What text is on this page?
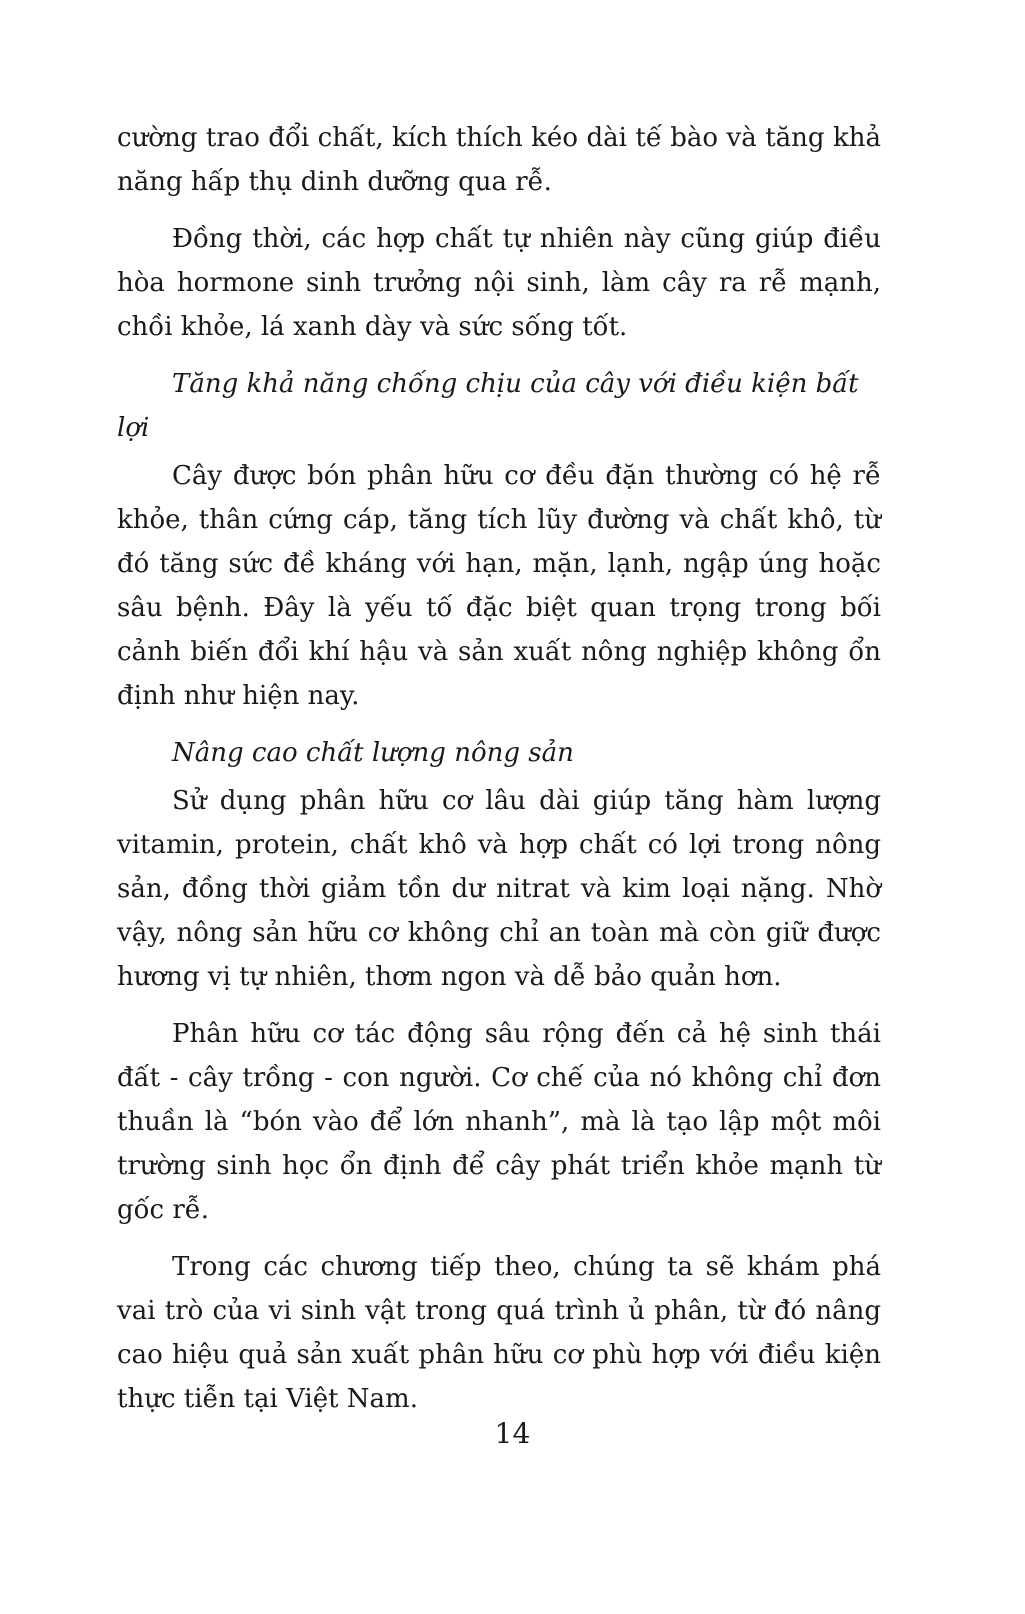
cường trao đổi chất, kích thích kéo dài tế bào và tăng khả năng hấp thụ dinh dưỡng qua rễ.

Đồng thời, các hợp chất tự nhiên này cũng giúp điều hòa hormone sinh trưởng nội sinh, làm cây ra rễ mạnh, chồi khỏe, lá xanh dày và sức sống tốt.

Tăng khả năng chống chịu của cây với điều kiện bất lợi

Cây được bón phân hữu cơ đều đặn thường có hệ rễ khỏe, thân cứng cáp, tăng tích lũy đường và chất khô, từ đó tăng sức đề kháng với hạn, mặn, lạnh, ngập úng hoặc sâu bệnh. Đây là yếu tố đặc biệt quan trọng trong bối cảnh biến đổi khí hậu và sản xuất nông nghiệp không ổn định như hiện nay.

Nâng cao chất lượng nông sản

Sử dụng phân hữu cơ lâu dài giúp tăng hàm lượng vitamin, protein, chất khô và hợp chất có lợi trong nông sản, đồng thời giảm tồn dư nitrat và kim loại nặng. Nhờ vậy, nông sản hữu cơ không chỉ an toàn mà còn giữ được hương vị tự nhiên, thơm ngon và dễ bảo quản hơn.

Phân hữu cơ tác động sâu rộng đến cả hệ sinh thái đất - cây trồng - con người. Cơ chế của nó không chỉ đơn thuần là “bón vào để lớn nhanh”, mà là tạo lập một môi trường sinh học ổn định để cây phát triển khỏe mạnh từ gốc rễ.

Trong các chương tiếp theo, chúng ta sẽ khám phá vai trò của vi sinh vật trong quá trình ủ phân, từ đó nâng cao hiệu quả sản xuất phân hữu cơ phù hợp với điều kiện thực tiễn tại Việt Nam.

14
